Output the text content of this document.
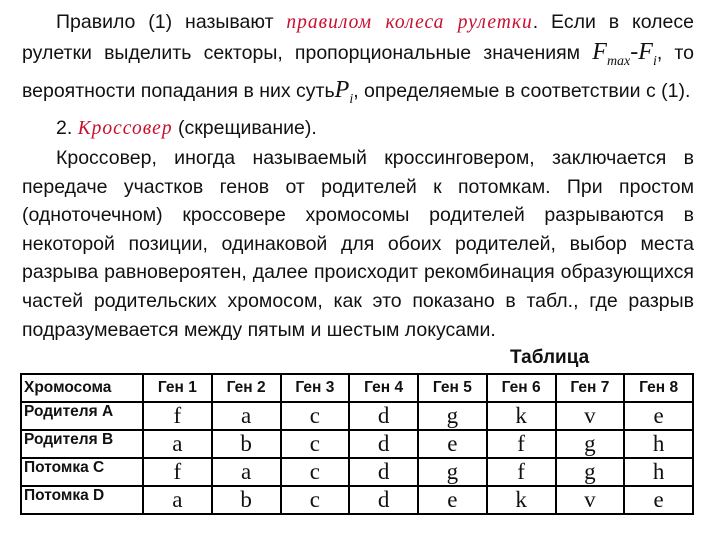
Правило (1) называют правилом колеса рулетки. Если в колесе рулетки выделить секторы, пропорциональные значениям $F_{max}-F_i$, то вероятности попадания в них сутьP$_i$, определяемые в соответствии с (1).

2. Кроссовер (скрещивание).

Кроссовер, иногда называемый кроссинговером, заключается в передаче участков генов от родителей к потомкам. При простом (одноточечном) кроссовере хромосомы родителей разрываются в некоторой позиции, одинаковой для обоих родителей, выбор места разрыва равновероятен, далее происходит рекомбинация образующихся частей родительских хромосом, как это показано в табл., где разрыв подразумевается между пятым и шестым локусами.

Таблица
Хромосома	Ген 1	Ген 2	Ген 3	Ген 4	Ген 5	Ген 6	Ген 7	Ген 8
Родителя А	f	a	c	d	g	k	v	e
Родителя В	a	b	c	d	e	f	g	h
Потомка С	f	a	c	d	g	f	g	h
Потомка D	a	b	c	d	e	k	v	e
